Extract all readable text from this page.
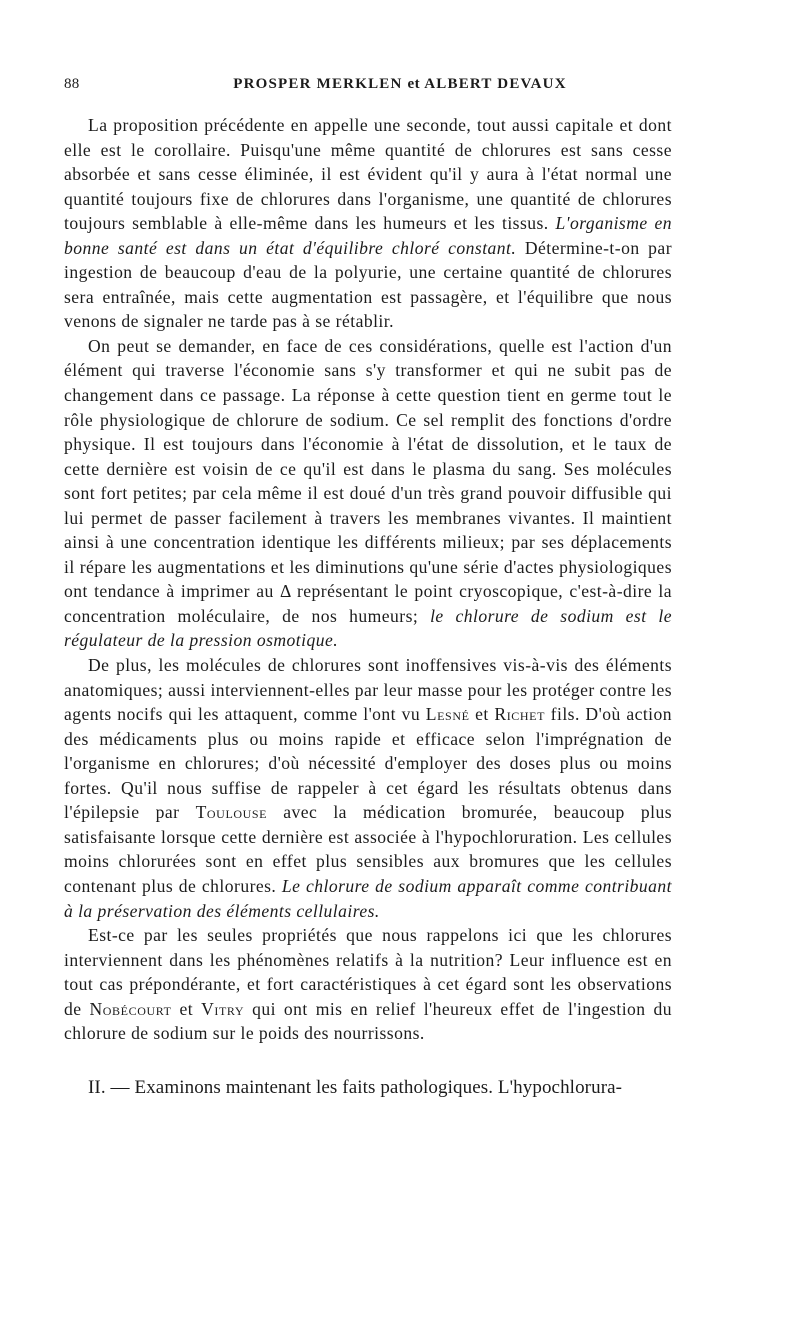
88	PROSPER MERKLEN et ALBERT DEVAUX

La proposition précédente en appelle une seconde, tout aussi capitale et dont elle est le corollaire. Puisqu'une même quantité de chlorures est sans cesse absorbée et sans cesse éliminée, il est évident qu'il y aura à l'état normal une quantité toujours fixe de chlorures dans l'organisme, une quantité de chlorures toujours semblable à elle-même dans les humeurs et les tissus. L'organisme en bonne santé est dans un état d'équilibre chloré constant. Détermine-t-on par ingestion de beaucoup d'eau de la polyurie, une certaine quantité de chlorures sera entraînée, mais cette augmentation est passagère, et l'équilibre que nous venons de signaler ne tarde pas à se rétablir.

On peut se demander, en face de ces considérations, quelle est l'action d'un élément qui traverse l'économie sans s'y transformer et qui ne subit pas de changement dans ce passage. La réponse à cette question tient en germe tout le rôle physiologique de chlorure de sodium. Ce sel remplit des fonctions d'ordre physique. Il est toujours dans l'économie à l'état de dissolution, et le taux de cette dernière est voisin de ce qu'il est dans le plasma du sang. Ses molécules sont fort petites; par cela même il est doué d'un très grand pouvoir diffusible qui lui permet de passer facilement à travers les membranes vivantes. Il maintient ainsi à une concentration identique les différents milieux; par ses déplacements il répare les augmentations et les diminutions qu'une série d'actes physiologiques ont tendance à imprimer au Δ représentant le point cryoscopique, c'est-à-dire la concentration moléculaire, de nos humeurs; le chlorure de sodium est le régulateur de la pression osmotique.

De plus, les molécules de chlorures sont inoffensives vis-à-vis des éléments anatomiques; aussi interviennent-elles par leur masse pour les protéger contre les agents nocifs qui les attaquent, comme l'ont vu Lesné et Richet fils. D'où action des médicaments plus ou moins rapide et efficace selon l'imprégnation de l'organisme en chlorures; d'où nécessité d'employer des doses plus ou moins fortes. Qu'il nous suffise de rappeler à cet égard les résultats obtenus dans l'épilepsie par Toulouse avec la médication bromurée, beaucoup plus satisfaisante lorsque cette dernière est associée à l'hypochloruration. Les cellules moins chlorurées sont en effet plus sensibles aux bromures que les cellules contenant plus de chlorures. Le chlorure de sodium apparaît comme contribuant à la préservation des éléments cellulaires.

Est-ce par les seules propriétés que nous rappelons ici que les chlorures interviennent dans les phénomènes relatifs à la nutrition? Leur influence est en tout cas prépondérante, et fort caractéristiques à cet égard sont les observations de Nobécourt et Vitry qui ont mis en relief l'heureux effet de l'ingestion du chlorure de sodium sur le poids des nourrissons.

II. — Examinons maintenant les faits pathologiques. L'hypochlorura-
